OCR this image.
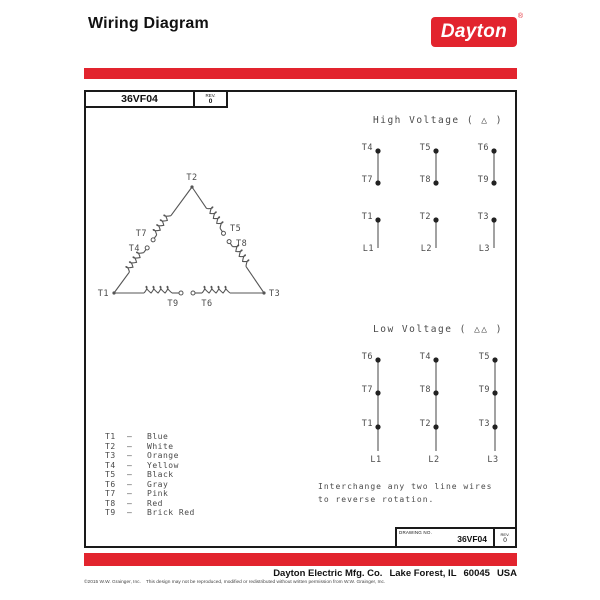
Wiring Diagram	Dayton
®
36VF04	REV.
0
T2
T1	T3
T4
T7	T5
T8
T9	T6
High Voltage ( △ )
T4
T7
T5
T8
T6
T9
T1
L1
T2
L2
T3
L3
Low Voltage ( △△ )
T6
T7
T1
L1
T4
T8
T2
L2
T5
T9
T3
L3
T1	—	Blue
T2	—	White
T3	—	Orange
T4	—	Yellow
T5	—	Black
T6	—	Gray
T7	—	Pink
T8	—	Red
T9	—	Brick Red
Interchange any two line wires
to reverse rotation.
DRAWING NO.
36VF04	REV.
0
Dayton Electric Mfg. Co. Lake Forest, IL 60045 USA
©2015 W.W. Grainger, Inc. This design may not be reproduced, modified or redistributed without written permission from W.W. Grainger, Inc.
